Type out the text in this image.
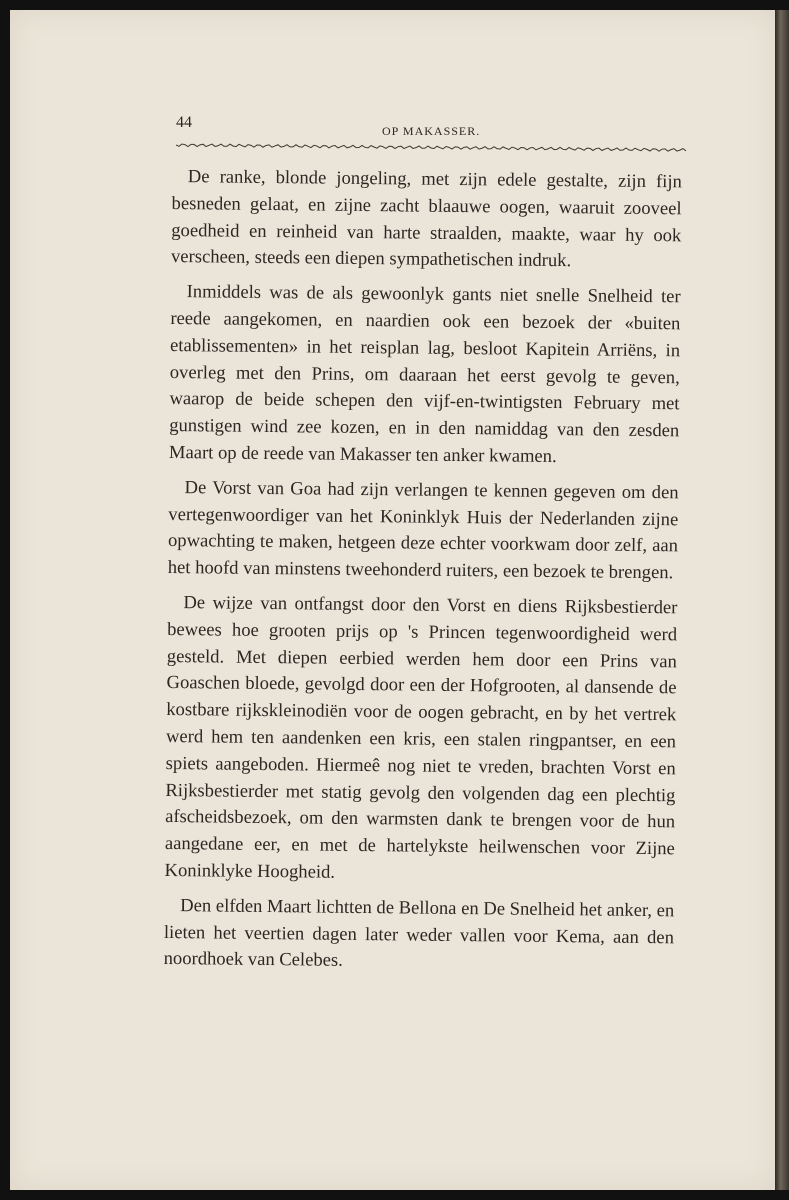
44	OP MAKASSER.

De ranke, blonde jongeling, met zijn edele gestalte, zijn fijn besneden gelaat, en zijne zacht blaauwe oogen, waaruit zooveel goedheid en reinheid van harte straalden, maakte, waar hy ook verscheen, steeds een diepen sympathetischen indruk.

Inmiddels was de als gewoonlyk gants niet snelle Snelheid ter reede aangekomen, en naardien ook een bezoek der «buiten etablissementen» in het reisplan lag, besloot Kapitein Arriëns, in overleg met den Prins, om daaraan het eerst gevolg te geven, waarop de beide schepen den vijf-en-twintigsten February met gunstigen wind zee kozen, en in den namiddag van den zesden Maart op de reede van Makasser ten anker kwamen.

De Vorst van Goa had zijn verlangen te kennen gegeven om den vertegenwoordiger van het Koninklyk Huis der Nederlanden zijne opwachting te maken, hetgeen deze echter voorkwam door zelf, aan het hoofd van minstens tweehonderd ruiters, een bezoek te brengen.

De wijze van ontfangst door den Vorst en diens Rijksbestierder bewees hoe grooten prijs op 's Princen tegenwoordigheid werd gesteld. Met diepen eerbied werden hem door een Prins van Goaschen bloede, gevolgd door een der Hofgrooten, al dansende de kostbare rijkskleinodiën voor de oogen gebracht, en by het vertrek werd hem ten aandenken een kris, een stalen ringpantser, en een spiets aangeboden. Hiermeê nog niet te vreden, brachten Vorst en Rijksbestierder met statig gevolg den volgenden dag een plechtig afscheidsbezoek, om den warmsten dank te brengen voor de hun aangedane eer, en met de hartelykste heilwenschen voor Zijne Koninklyke Hoogheid.

Den elfden Maart lichtten de Bellona en De Snelheid het anker, en lieten het veertien dagen later weder vallen voor Kema, aan den noordhoek van Celebes.
